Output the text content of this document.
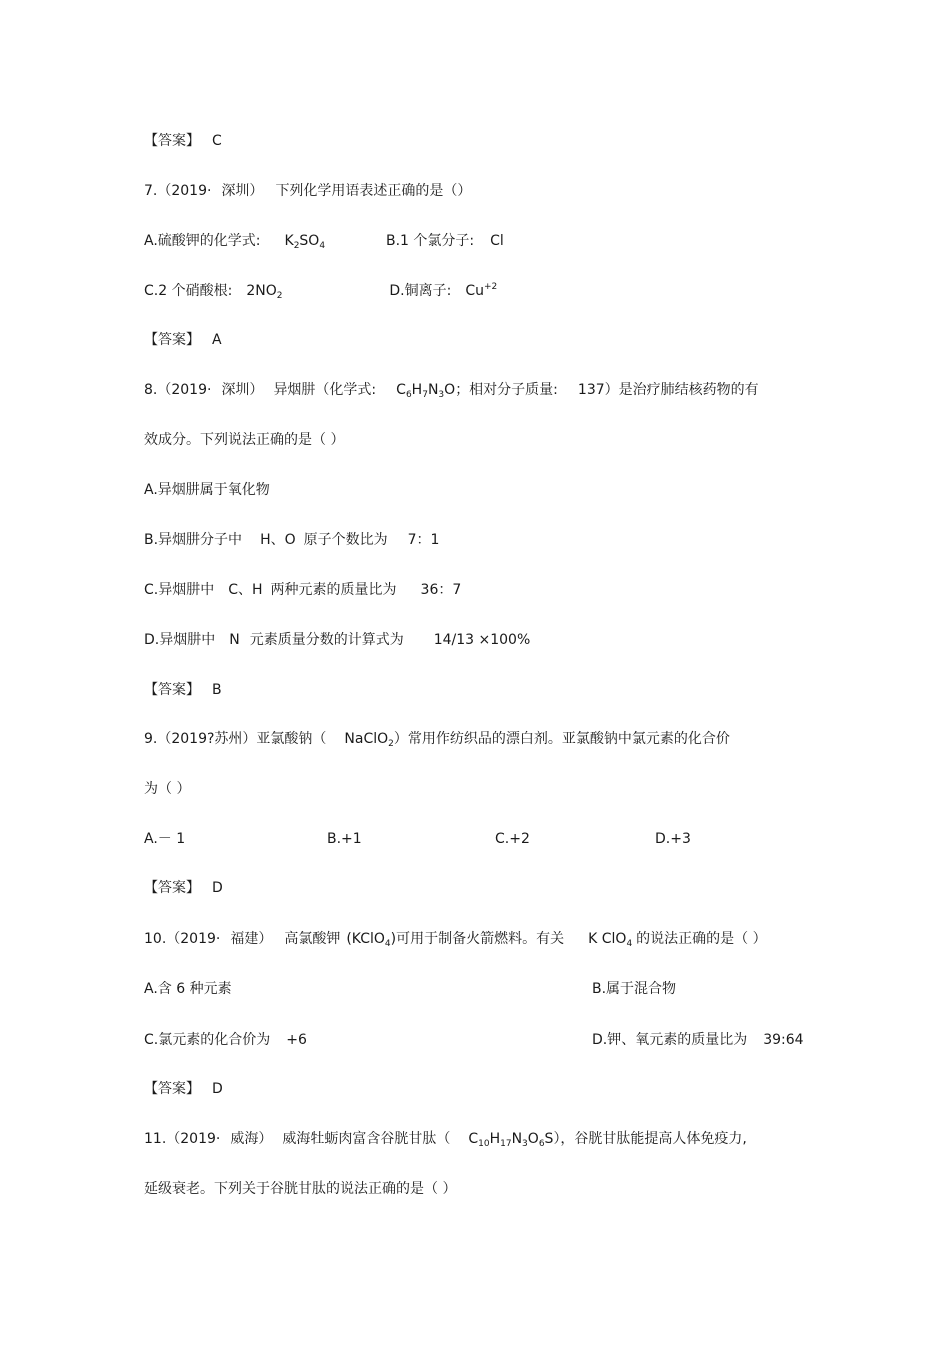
【答案】 C
7.（2019· 深圳） 下列化学用语表述正确的是（）
A.硫酸钾的化学式: $K_2SO_4$	B.1 个氯分子: Cl
C.2 个硝酸根: $2NO_2$	D.铜离子: $Cu^{+2}$
【答案】 A
8.（2019· 深圳） 异烟肼（化学式: $C_6H_7N_3O$；相对分子质量: 137）是治疗肺结核药物的有
效成分。下列说法正确的是（ ）
A.异烟肼属于氧化物
B.异烟肼分子中 H、O 原子个数比为 7：1
C.异烟肼中 C、H 两种元素的质量比为 36：7
D.异烟肼中 N 元素质量分数的计算式为 14/13 ×100%
【答案】 B
9.（2019?苏州）亚氯酸钠（ NaClO$_2$）常用作纺织品的漂白剂。亚氯酸钠中氯元素的化合价
为（ ）
A.－ 1	B.+1	C.+2	D.+3
【答案】 D
10.（2019· 福建） 高氯酸钾 (KClO$_4$)可用于制备火箭燃料。有关 K ClO$_4$ 的说法正确的是（ ）
A.含 6 种元素	B.属于混合物
C.氯元素的化合价为 +6	D.钾、氧元素的质量比为 39:64
【答案】 D
11.（2019· 威海） 威海牡蛎肉富含谷胱甘肽（ $C_{10}H_{17}N_3O_6S$），谷胱甘肽能提高人体免疫力,
延级衰老。下列关于谷胱甘肽的说法正确的是（ ）
